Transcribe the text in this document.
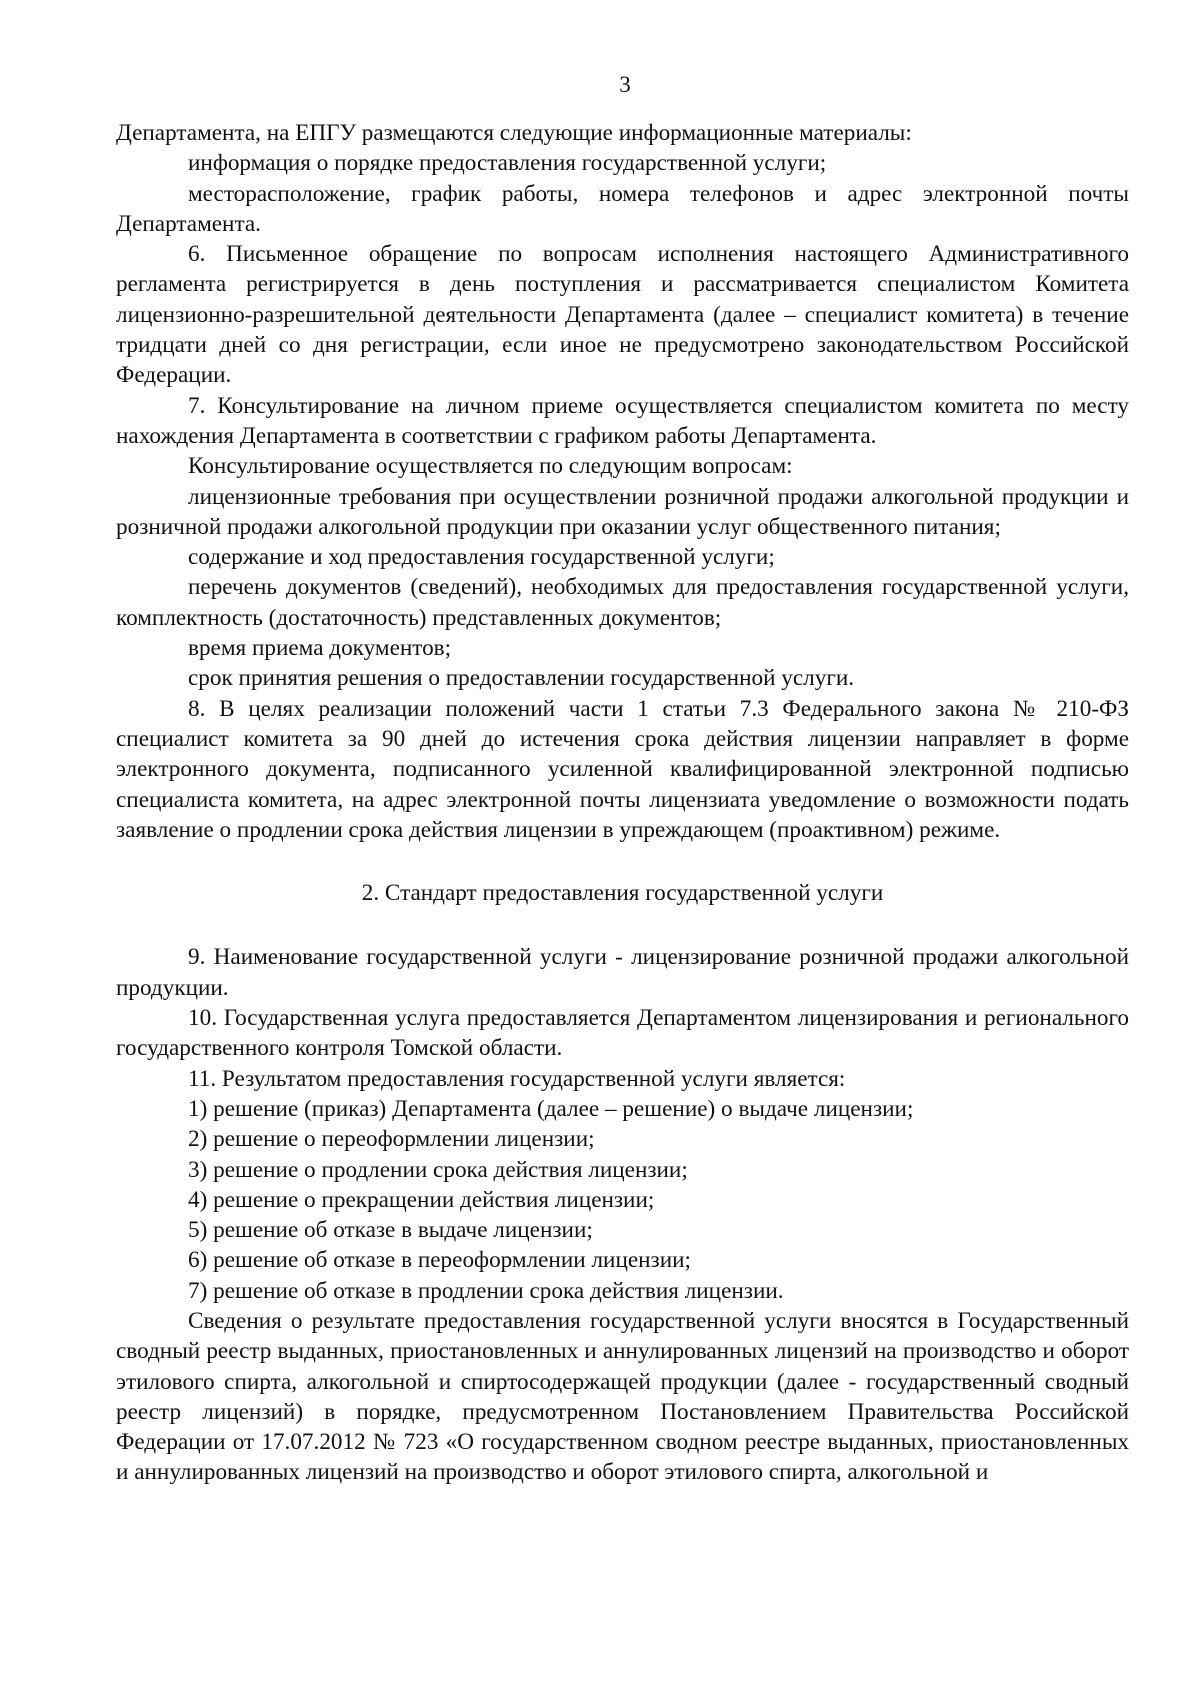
3

Департамента, на ЕПГУ размещаются следующие информационные материалы:

информация о порядке предоставления государственной услуги;

месторасположение, график работы, номера телефонов и адрес электронной почты Департамента.

6. Письменное обращение по вопросам исполнения настоящего Административного регламента регистрируется в день поступления и рассматривается специалистом Комитета лицензионно-разрешительной деятельности Департамента (далее – специалист комитета) в течение тридцати дней со дня регистрации, если иное не предусмотрено законодательством Российской Федерации.

7. Консультирование на личном приеме осуществляется специалистом комитета по месту нахождения Департамента в соответствии с графиком работы Департамента.

Консультирование осуществляется по следующим вопросам:

лицензионные требования при осуществлении розничной продажи алкогольной продукции и розничной продажи алкогольной продукции при оказании услуг общественного питания;

содержание и ход предоставления государственной услуги;

перечень документов (сведений), необходимых для предоставления государственной услуги, комплектность (достаточность) представленных документов;

время приема документов;

срок принятия решения о предоставлении государственной услуги.

8. В целях реализации положений части 1 статьи 7.3 Федерального закона № 210-ФЗ специалист комитета за 90 дней до истечения срока действия лицензии направляет в форме электронного документа, подписанного усиленной квалифицированной электронной подписью специалиста комитета, на адрес электронной почты лицензиата уведомление о возможности подать заявление о продлении срока действия лицензии в упреждающем (проактивном) режиме.

2. Стандарт предоставления государственной услуги

9. Наименование государственной услуги - лицензирование розничной продажи алкогольной продукции.

10. Государственная услуга предоставляется Департаментом лицензирования и регионального государственного контроля Томской области.

11. Результатом предоставления государственной услуги является:

1) решение (приказ) Департамента (далее – решение) о выдаче лицензии;

2) решение о переоформлении лицензии;

3) решение о продлении срока действия лицензии;

4) решение о прекращении действия лицензии;

5) решение об отказе в выдаче лицензии;

6) решение об отказе в переоформлении лицензии;

7) решение об отказе в продлении срока действия лицензии.

Сведения о результате предоставления государственной услуги вносятся в Государственный сводный реестр выданных, приостановленных и аннулированных лицензий на производство и оборот этилового спирта, алкогольной и спиртосодержащей продукции (далее - государственный сводный реестр лицензий) в порядке, предусмотренном Постановлением Правительства Российской Федерации от 17.07.2012 № 723 «О государственном сводном реестре выданных, приостановленных и аннулированных лицензий на производство и оборот этилового спирта, алкогольной и
